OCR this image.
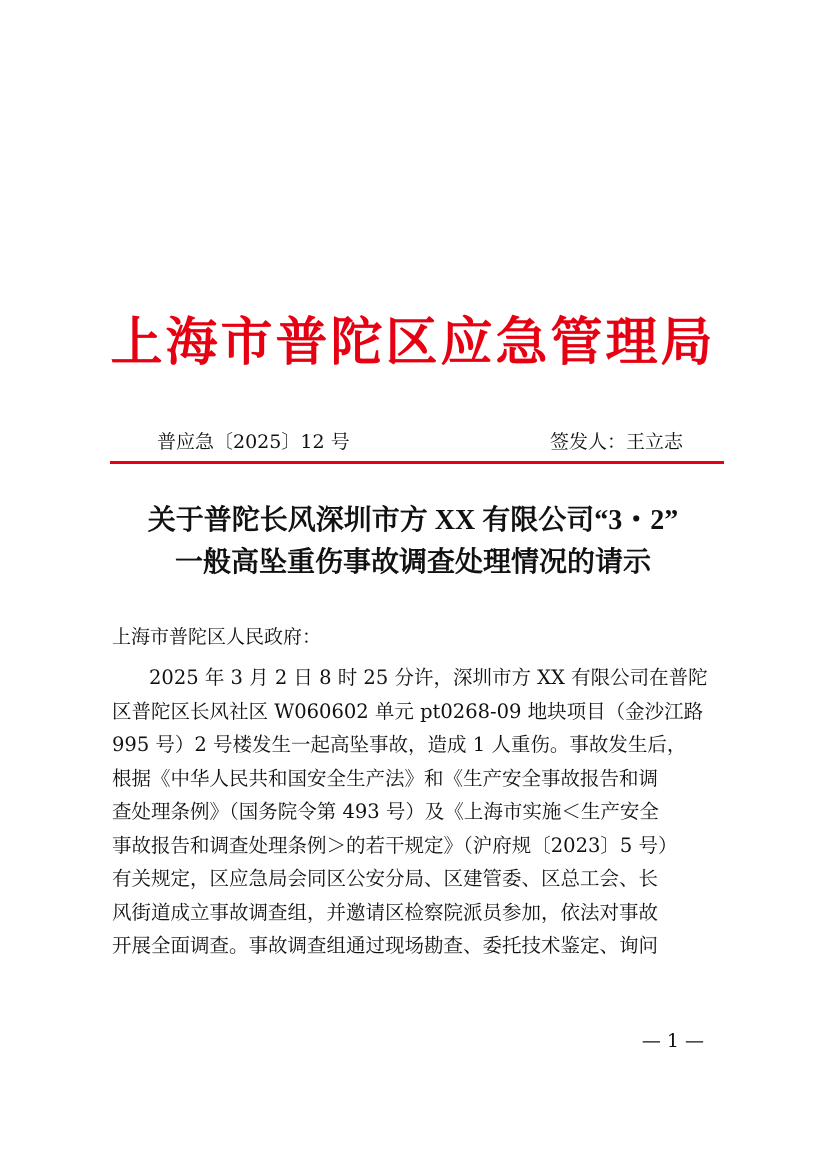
上海市普陀区应急管理局
普应急〔2025〕12 号	签发人：王立志
关于普陀长风深圳市方 XX 有限公司“3・2”
一般高坠重伤事故调查处理情况的请示

上海市普陀区人民政府：

2025 年 3 月 2 日 8 时 25 分许，深圳市方 XX 有限公司在普陀
区普陀区长风社区 W060602 单元 pt0268-09 地块项目（金沙江路
995 号）2 号楼发生一起高坠事故，造成 1 人重伤。事故发生后，
根据《中华人民共和国安全生产法》和《生产安全事故报告和调
查处理条例》（国务院令第 493 号）及《上海市实施＜生产安全
事故报告和调查处理条例＞的若干规定》（沪府规〔2023〕5 号）
有关规定，区应急局会同区公安分局、区建管委、区总工会、长
风街道成立事故调查组，并邀请区检察院派员参加，依法对事故
开展全面调查。事故调查组通过现场勘查、委托技术鉴定、询问

— 1 —
